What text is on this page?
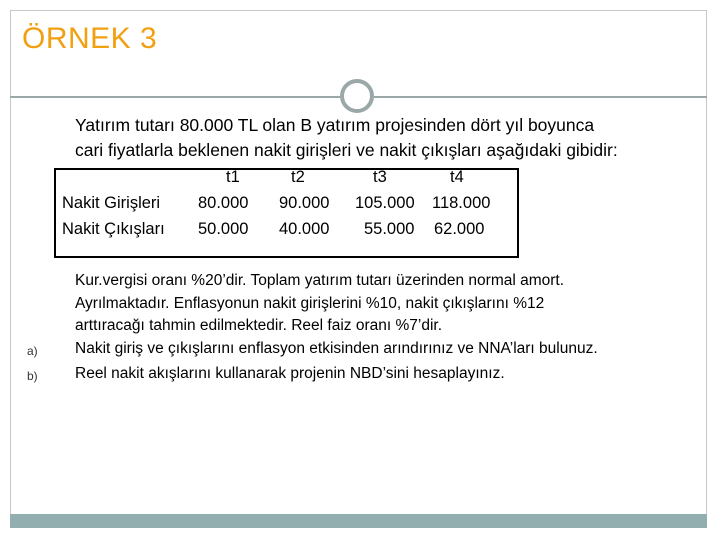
ÖRNEK 3
Yatırım tutarı 80.000 TL olan B yatırım projesinden dört yıl boyunca
cari fiyatlarla beklenen nakit girişleri ve nakit çıkışları aşağıdaki gibidir:
t1	t2	t3	t4
Nakit Girişleri 80.000 90.000 105.000 118.000
Nakit Çıkışları 50.000 40.000 55.000 62.000
Kur.vergisi oranı %20’dir. Toplam yatırım tutarı üzerinden normal amort.
Ayrılmaktadır. Enflasyonun nakit girişlerini %10, nakit çıkışlarını %12
arttıracağı tahmin edilmektedir. Reel faiz oranı %7’dir.
a) Nakit giriş ve çıkışlarını enflasyon etkisinden arındırınız ve NNA’ları bulunuz.
b) Reel nakit akışlarını kullanarak projenin NBD’sini hesaplayınız.
